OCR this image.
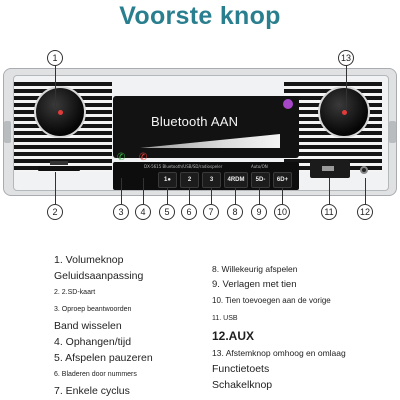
Voorste knop
Bluetooth AAN
DX-5615 Bluetooth/USB/SD/radiospeler	Auto/ON
✆ ✆
1●	2	3	4RDM	5D-	6D+
1	13
2	3	4	5	6	7	8	9	10	11	12
1. Volumeknop
Geluidsaanpassing
2. 2.SD-kaart
3. Oproep beantwoorden
Band wisselen
4. Ophangen/tijd
5. Afspelen pauzeren
6. Bladeren door nummers
7. Enkele cyclus
8. Willekeurig afspelen
9. Verlagen met tien
10. Tien toevoegen aan de vorige
11. USB
12.AUX
13. Afstemknop omhoog en omlaag
Functietoets
Schakelknop
